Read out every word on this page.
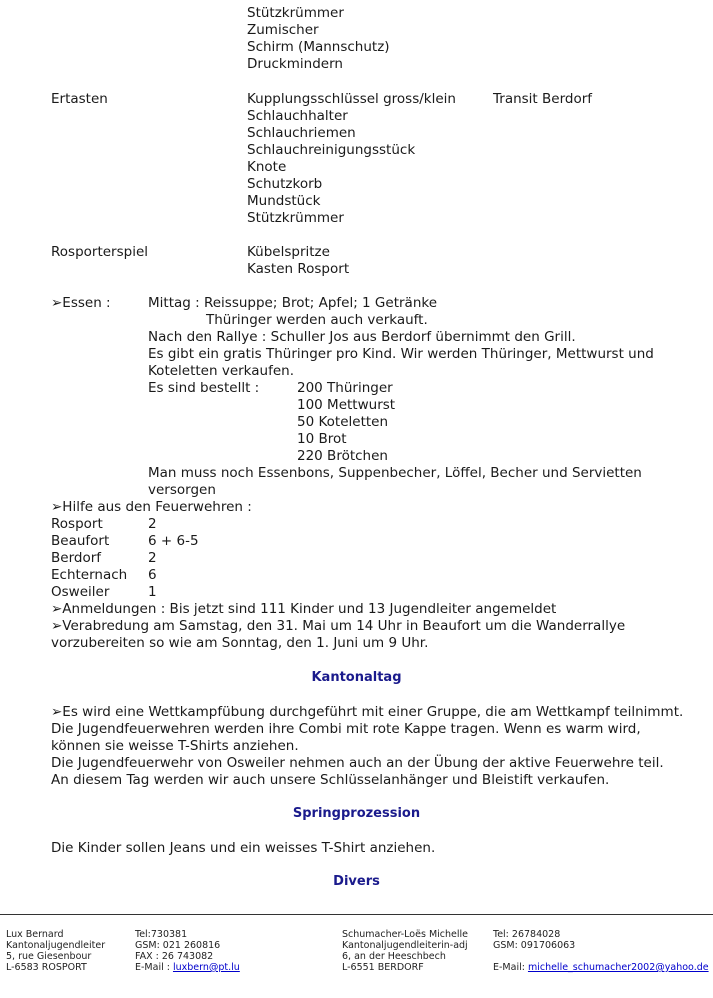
Stützkrümmer
Zumischer
Schirm (Mannschutz)
Druckmindern
Ertasten	Kupplungsschlüssel gross/klein	Transit Berdorf
Schlauchhalter
Schlauchriemen
Schlauchreinigungsstück
Knote
Schutzkorb
Mundstück
Stützkrümmer
Rosporterspiel	Kübelspritze
Kasten Rosport
➢Essen :	Mittag : Reissuppe; Brot; Apfel; 1 Getränke
Thüringer werden auch verkauft.
Nach den Rallye : Schuller Jos aus Berdorf übernimmt den Grill.
Es gibt ein gratis Thüringer pro Kind. Wir werden Thüringer, Mettwurst und
Koteletten verkaufen.
Es sind bestellt :	200 Thüringer
100 Mettwurst
50 Koteletten
10 Brot
220 Brötchen
Man muss noch Essenbons, Suppenbecher, Löffel, Becher und Servietten
versorgen
➢Hilfe aus den Feuerwehren :
Rosport	2
Beaufort	6 + 6-5
Berdorf	2
Echternach 6
Osweiler	1
➢Anmeldungen : Bis jetzt sind 111 Kinder und 13 Jugendleiter angemeldet
➢Verabredung am Samstag, den 31. Mai um 14 Uhr in Beaufort um die Wanderrallye
vorzubereiten so wie am Sonntag, den 1. Juni um 9 Uhr.
Kantonaltag
➢Es wird eine Wettkampfübung durchgeführt mit einer Gruppe, die am Wettkampf teilnimmt.
Die Jugendfeuerwehren werden ihre Combi mit rote Kappe tragen. Wenn es warm wird,
können sie weisse T-Shirts anziehen.
Die Jugendfeuerwehr von Osweiler nehmen auch an der Übung der aktive Feuerwehre teil.
An diesem Tag werden wir auch unsere Schlüsselanhänger und Bleistift verkaufen.
Springprozession
Die Kinder sollen Jeans und ein weisses T-Shirt anziehen.
Divers
Lux Bernard
Kantonaljugendleiter
5, rue Giesenbour
L-6583 ROSPORT
Tel:730381
GSM: 021 260816
FAX : 26 743082
E-Mail : luxbern@pt.lu
Schumacher-Loës Michelle
Kantonaljugendleiterin-adj
6, an der Heeschbech
L-6551 BERDORF
Tel: 26784028
GSM: 091706063
E-Mail: michelle_schumacher2002@yahoo.de
